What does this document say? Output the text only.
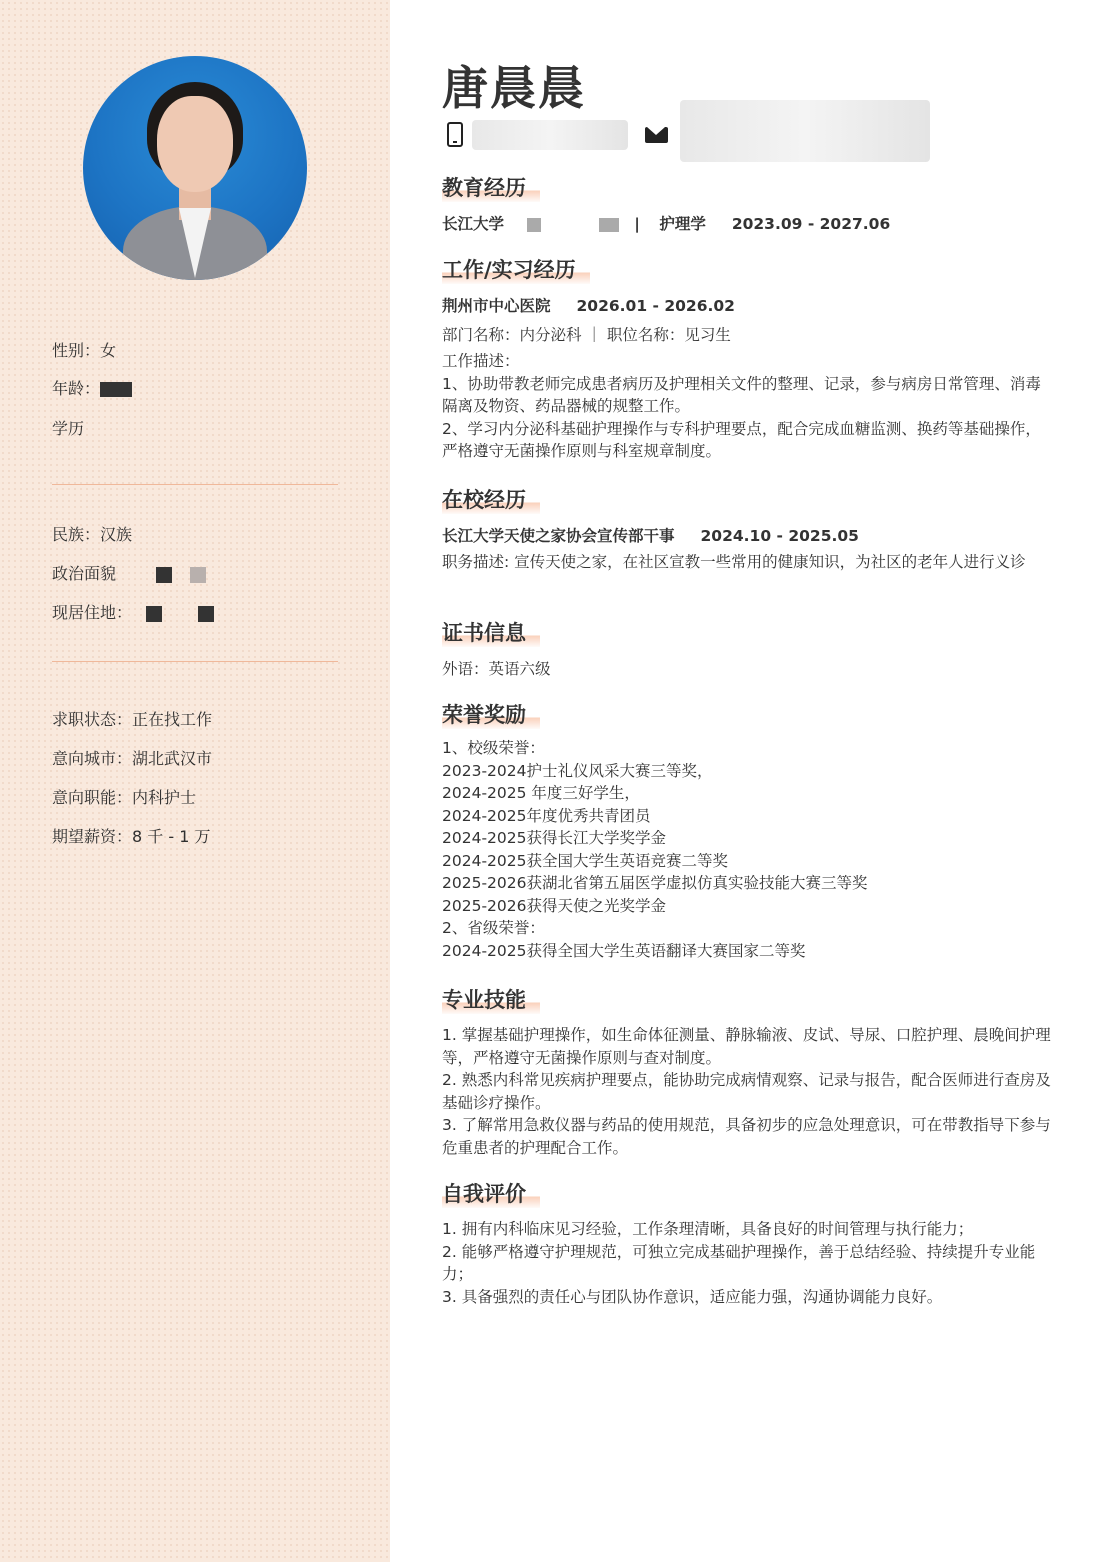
性别：女
年龄：
学历
民族：汉族
政治面貌
现居住地：
求职状态：正在找工作
意向城市：湖北武汉市
意向职能：内科护士
期望薪资：8 千 - 1 万
唐晨晨
教育经历
长江大学	| 护理学 2023.09 - 2027.06
工作/实习经历
荆州市中心医院 2026.01 - 2026.02
部门名称：内分泌科 ｜ 职位名称：见习生
工作描述：
1、协助带教老师完成患者病历及护理相关文件的整理、记录，参与病房日常管理、消毒隔离及物资、药品器械的规整工作。
2、学习内分泌科基础护理操作与专科护理要点，配合完成血糖监测、换药等基础操作，严格遵守无菌操作原则与科室规章制度。
在校经历
长江大学天使之家协会宣传部干事 2024.10 - 2025.05
职务描述: 宣传天使之家，在社区宣教一些常用的健康知识，为社区的老年人进行义诊
证书信息
外语：英语六级
荣誉奖励
1、校级荣誉：
2023-2024护士礼仪风采大赛三等奖，
2024-2025 年度三好学生，
2024-2025年度优秀共青团员
2024-2025获得长江大学奖学金
2024-2025获全国大学生英语竞赛二等奖
2025-2026获湖北省第五届医学虚拟仿真实验技能大赛三等奖
2025-2026获得天使之光奖学金
2、省级荣誉：
2024-2025获得全国大学生英语翻译大赛国家二等奖
专业技能
1. 掌握基础护理操作，如生命体征测量、静脉输液、皮试、导尿、口腔护理、晨晚间护理等，严格遵守无菌操作原则与查对制度。
2. 熟悉内科常见疾病护理要点，能协助完成病情观察、记录与报告，配合医师进行查房及基础诊疗操作。
3. 了解常用急救仪器与药品的使用规范，具备初步的应急处理意识，可在带教指导下参与危重患者的护理配合工作。
自我评价
1. 拥有内科临床见习经验，工作条理清晰，具备良好的时间管理与执行能力；
2. 能够严格遵守护理规范，可独立完成基础护理操作，善于总结经验、持续提升专业能力；
3. 具备强烈的责任心与团队协作意识，适应能力强，沟通协调能力良好。
